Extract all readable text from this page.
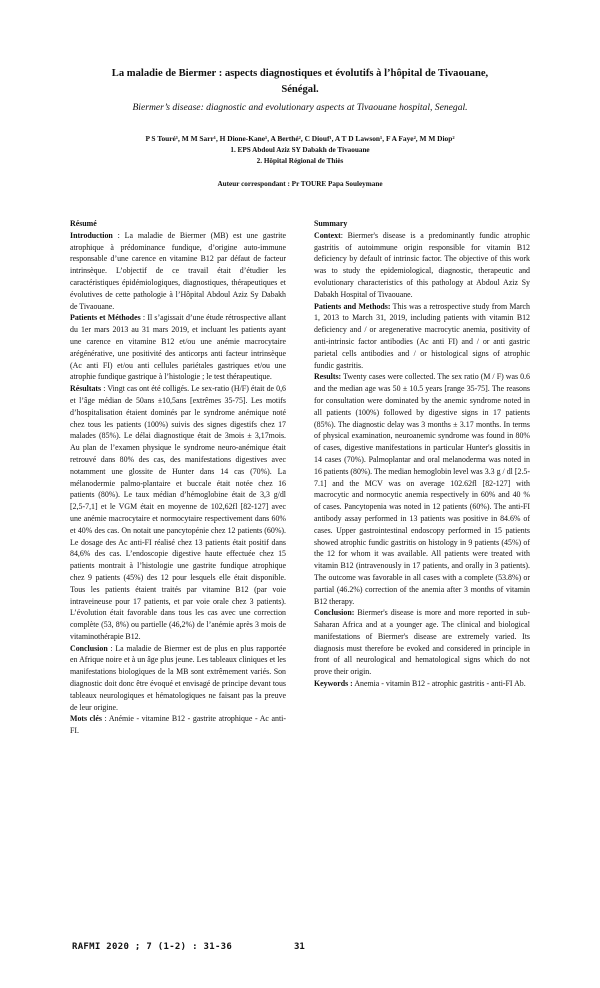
La maladie de Biermer : aspects diagnostiques et évolutifs à l’hôpital de Tivaouane,
Sénégal.
Biermer’s disease: diagnostic and evolutionary aspects at Tivaouane hospital, Senegal.
P S Touré¹, M M Sarr¹, H Dione-Kane¹, A Berthé², C Diouf¹, A T D Lawson¹, F A Faye², M M Diop²
1. EPS Abdoul Aziz SY Dabakh de Tivaouane
2. Hôpital Régional de Thiès
Auteur correspondant : Pr TOURE Papa Souleymane

Résumé

Introduction : La maladie de Biermer (MB) est une gastrite atrophique à prédominance fundique, d’origine auto-immune responsable d’une carence en vitamine B12 par défaut de facteur intrinsèque. L’objectif de ce travail était d’étudier les caractéristiques épidémiologiques, diagnostiques, thérapeutiques et évolutives de cette pathologie à l’Hôpital Abdoul Aziz Sy Dabakh de Tivaouane.

Patients et Méthodes : Il s’agissait d’une étude rétrospective allant du 1er mars 2013 au 31 mars 2019, et incluant les patients ayant une carence en vitamine B12 et/ou une anémie macrocytaire arégénérative, une positivité des anticorps anti facteur intrinsèque (Ac anti FI) et/ou anti cellules pariétales gastriques et/ou une atrophie fundique gastrique à l’histologie ; le test thérapeutique.

Résultats : Vingt cas ont été colligés. Le sex-ratio (H/F) était de 0,6 et l’âge médian de 50ans ±10,5ans [extrêmes 35-75]. Les motifs d’hospitalisation étaient dominés par le syndrome anémique noté chez tous les patients (100%) suivis des signes digestifs chez 17 malades (85%). Le délai diagnostique était de 3mois ± 3,17mois. Au plan de l’examen physique le syndrome neuro-anémique était retrouvé dans 80% des cas, des manifestations digestives avec notamment une glossite de Hunter dans 14 cas (70%). La mélanodermie palmo-plantaire et buccale était notée chez 16 patients (80%). Le taux médian d’hémoglobine était de 3,3 g/dl [2,5-7,1] et le VGM était en moyenne de 102,62fl [82-127] avec une anémie macrocytaire et normocytaire respectivement dans 60% et 40% des cas. On notait une pancytopénie chez 12 patients (60%). Le dosage des Ac anti-FI réalisé chez 13 patients était positif dans 84,6% des cas. L’endoscopie digestive haute effectuée chez 15 patients montrait à l’histologie une gastrite fundique atrophique chez 9 patients (45%) des 12 pour lesquels elle était disponible. Tous les patients étaient traités par vitamine B12 (par voie intraveineuse pour 17 patients, et par voie orale chez 3 patients). L’évolution était favorable dans tous les cas avec une correction complète (53, 8%) ou partielle (46,2%) de l’anémie après 3 mois de vitaminothérapie B12.

Conclusion : La maladie de Biermer est de plus en plus rapportée en Afrique noire et à un âge plus jeune. Les tableaux cliniques et les manifestations biologiques de la MB sont extrêmement variés. Son diagnostic doit donc être évoqué et envisagé de principe devant tous tableaux neurologiques et hématologiques ne faisant pas la preuve de leur origine.

Mots clés : Anémie - vitamine B12 - gastrite atrophique - Ac anti-FI.

Summary

Context: Biermer's disease is a predominantly fundic atrophic gastritis of autoimmune origin responsible for vitamin B12 deficiency by default of intrinsic factor. The objective of this work was to study the epidemiological, diagnostic, therapeutic and evolutionary characteristics of this pathology at Abdoul Aziz Sy Dabakh Hospital of Tivaouane.

Patients and Methods: This was a retrospective study from March 1, 2013 to March 31, 2019, including patients with vitamin B12 deficiency and / or aregenerative macrocytic anemia, positivity of anti-intrinsic factor antibodies (Ac anti FI) and / or anti gastric parietal cells antibodies and / or histological signs of atrophic fundic gastritis.

Results: Twenty cases were collected. The sex ratio (M / F) was 0.6 and the median age was 50 ± 10.5 years [range 35-75]. The reasons for consultation were dominated by the anemic syndrome noted in all patients (100%) followed by digestive signs in 17 patients (85%). The diagnostic delay was 3 months ± 3.17 months. In terms of physical examination, neuroanemic syndrome was found in 80% of cases, digestive manifestations in particular Hunter's glossitis in 14 cases (70%). Palmoplantar and oral melanoderma was noted in 16 patients (80%). The median hemoglobin level was 3.3 g / dl [2.5-7.1] and the MCV was on average 102.62fl [82-127] with macrocytic and normocytic anemia respectively in 60% and 40 % of cases. Pancytopenia was noted in 12 patients (60%). The anti-FI antibody assay performed in 13 patients was positive in 84.6% of cases. Upper gastrointestinal endoscopy performed in 15 patients showed atrophic fundic gastritis on histology in 9 patients (45%) of the 12 for whom it was available. All patients were treated with vitamin B12 (intravenously in 17 patients, and orally in 3 patients). The outcome was favorable in all cases with a complete (53.8%) or partial (46.2%) correction of the anemia after 3 months of vitamin B12 therapy.

Conclusion: Biermer's disease is more and more reported in sub-Saharan Africa and at a younger age. The clinical and biological manifestations of Biermer's disease are extremely varied. Its diagnosis must therefore be evoked and considered in principle in front of all neurological and hematological signs which do not prove their origin.

Keywords : Anemia - vitamin B12 - atrophic gastritis - anti-FI Ab.

RAFMI 2020 ; 7 (1-2) : 31-36	31
